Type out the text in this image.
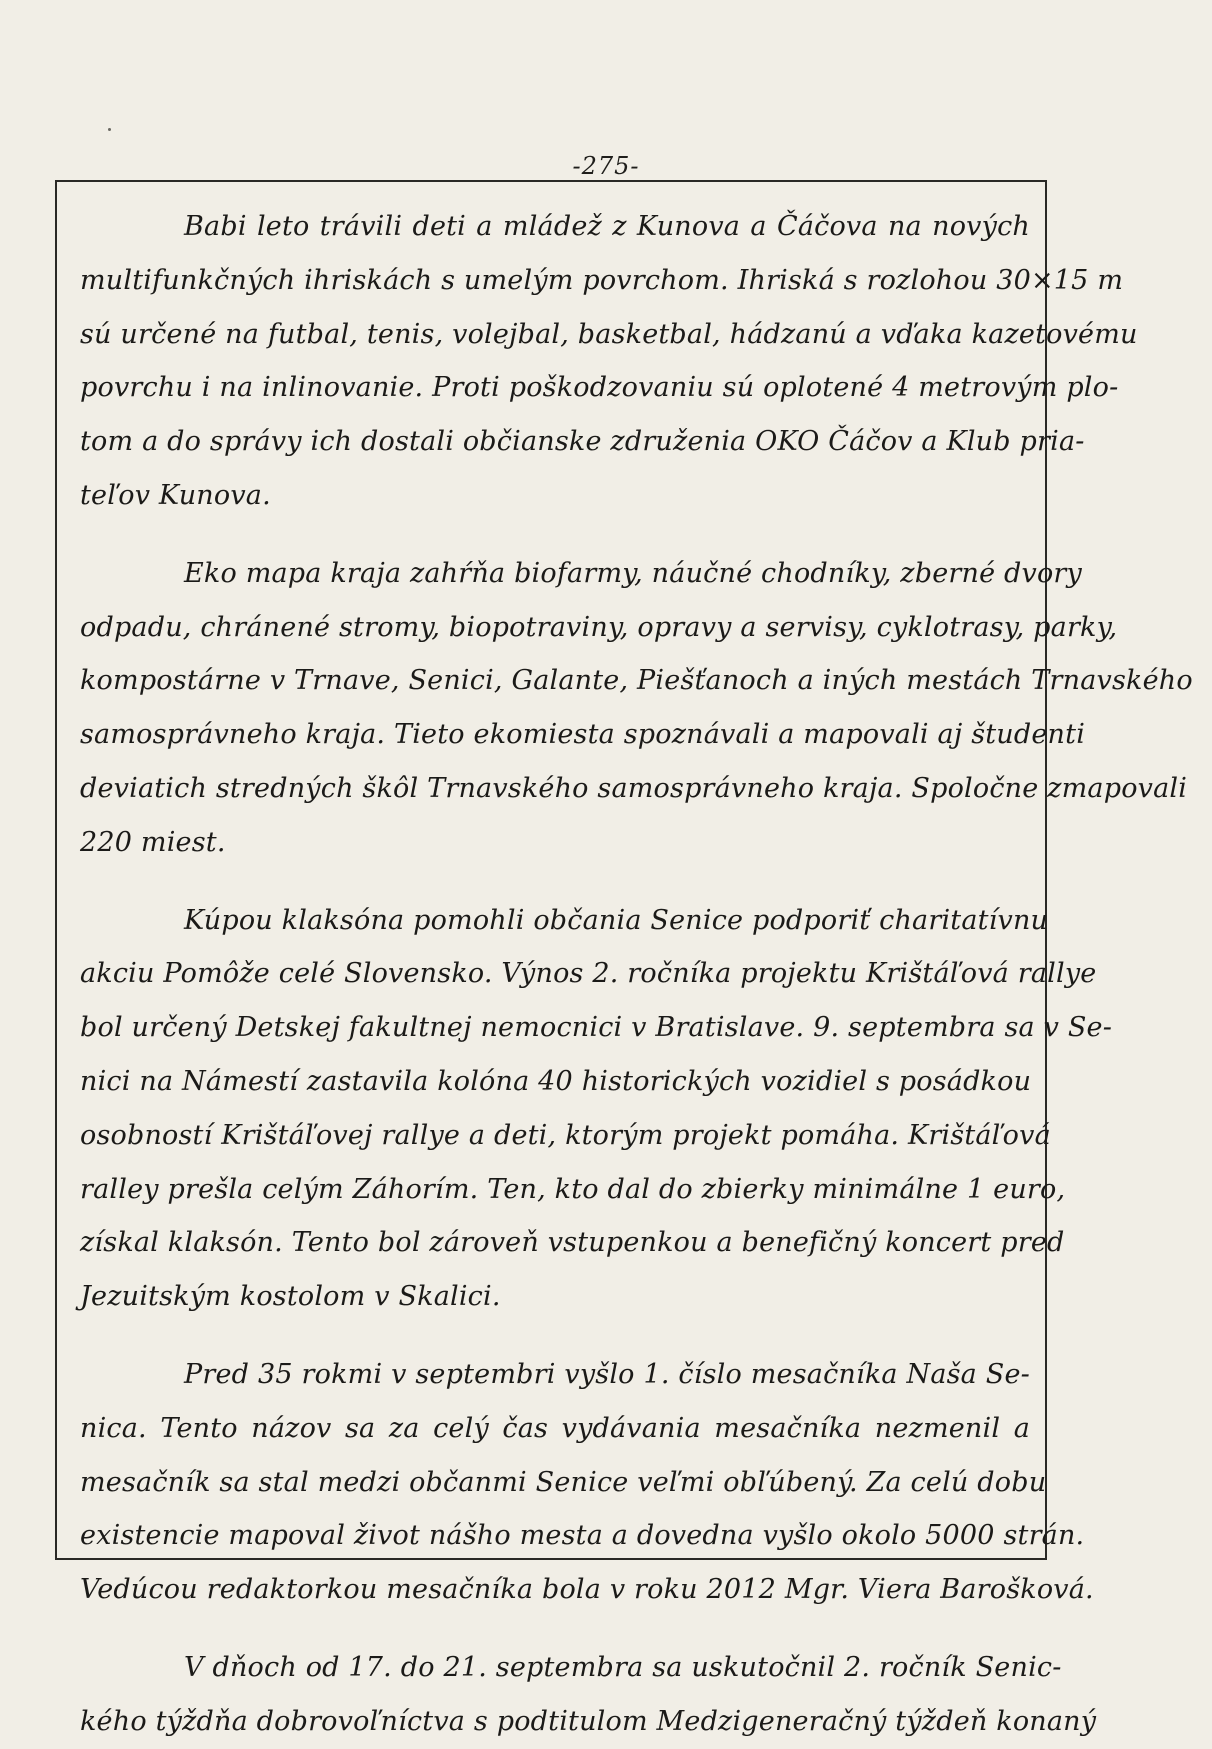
-275-
Babi leto trávili deti a mládež z Kunova a Čáčova na nových
multifunkčných ihriskách s umelým povrchom. Ihriská s rozlohou 30×15 m
sú určené na futbal, tenis, volejbal, basketbal, hádzanú a vďaka kazetovému
povrchu i na inlinovanie. Proti poškodzovaniu sú oplotené 4 metrovým plo-
tom a do správy ich dostali občianske združenia OKO Čáčov a Klub pria-
teľov Kunova.
Eko mapa kraja zahŕňa biofarmy, náučné chodníky, zberné dvory
odpadu, chránené stromy, biopotraviny, opravy a servisy, cyklotrasy, parky,
kompostárne v Trnave, Senici, Galante, Piešťanoch a iných mestách Trnavského
samosprávneho kraja. Tieto ekomiesta spoznávali a mapovali aj študenti
deviatich stredných škôl Trnavského samosprávneho kraja. Spoločne zmapovali
220 miest.
Kúpou klaksóna pomohli občania Senice podporiť charitatívnu
akciu Pomôže celé Slovensko. Výnos 2. ročníka projektu Krištáľová rallye
bol určený Detskej fakultnej nemocnici v Bratislave. 9. septembra sa v Se-
nici na Námestí zastavila kolóna 40 historických vozidiel s posádkou
osobností Krištáľovej rallye a deti, ktorým projekt pomáha. Krištáľová
ralley prešla celým Záhorím. Ten, kto dal do zbierky minimálne 1 euro,
získal klaksón. Tento bol zároveň vstupenkou a benefičný koncert pred
Jezuitským kostolom v Skalici.
Pred 35 rokmi v septembri vyšlo 1. číslo mesačníka Naša Se-
nica. Tento názov sa za celý čas vydávania mesačníka nezmenil a
mesačník sa stal medzi občanmi Senice veľmi obľúbený. Za celú dobu
existencie mapoval život nášho mesta a dovedna vyšlo okolo 5000 strán.
Vedúcou redaktorkou mesačníka bola v roku 2012 Mgr. Viera Barošková.
V dňoch od 17. do 21. septembra sa uskutočnil 2. ročník Senic-
kého týždňa dobrovoľníctva s podtitulom Medzigeneračný týždeň konaný
